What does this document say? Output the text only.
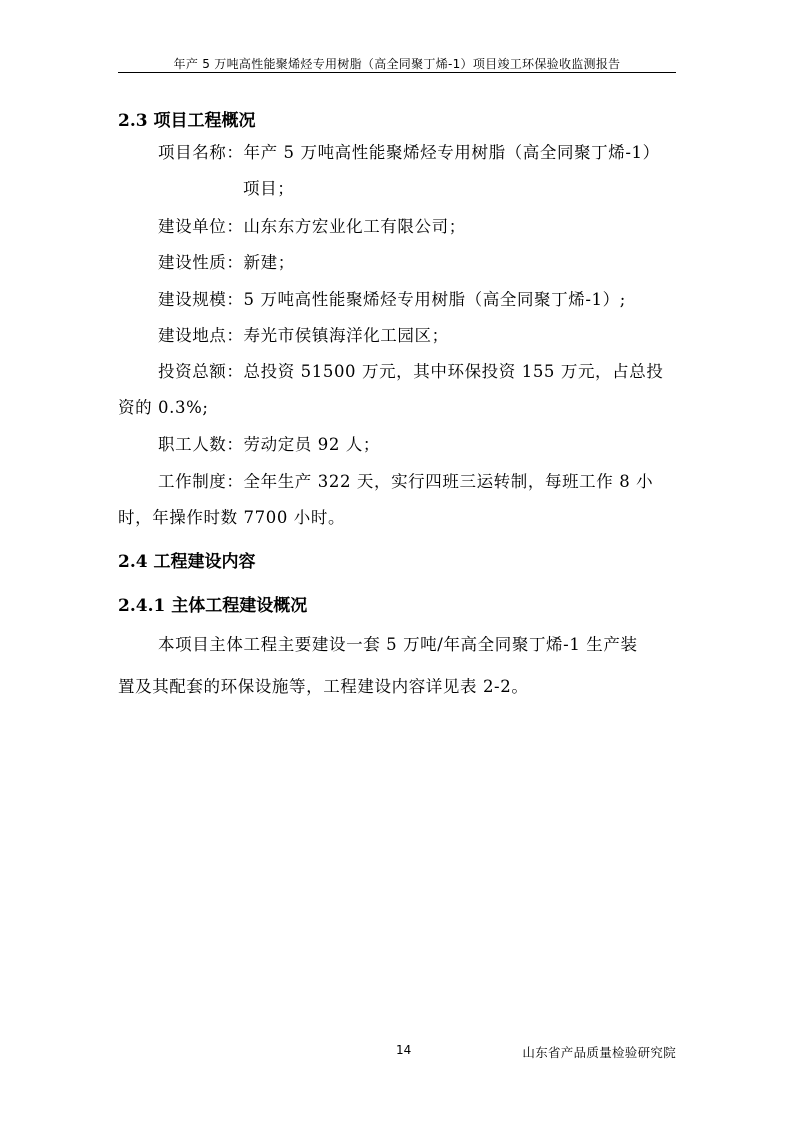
年产 5 万吨高性能聚烯烃专用树脂（高全同聚丁烯-1）项目竣工环保验收监测报告
2.3 项目工程概况
项目名称：年产 5 万吨高性能聚烯烃专用树脂（高全同聚丁烯-1）
项目；
建设单位：山东东方宏业化工有限公司；
建设性质：新建；
建设规模：5 万吨高性能聚烯烃专用树脂（高全同聚丁烯-1）;
建设地点：寿光市侯镇海洋化工园区；
投资总额：总投资 51500 万元，其中环保投资 155 万元，占总投
资的 0.3%;
职工人数：劳动定员 92 人；
工作制度：全年生产 322 天，实行四班三运转制，每班工作 8 小
时，年操作时数 7700 小时。
2.4 工程建设内容
2.4.1 主体工程建设概况
本项目主体工程主要建设一套 5 万吨/年高全同聚丁烯-1 生产装
置及其配套的环保设施等，工程建设内容详见表 2-2。
14	山东省产品质量检验研究院
